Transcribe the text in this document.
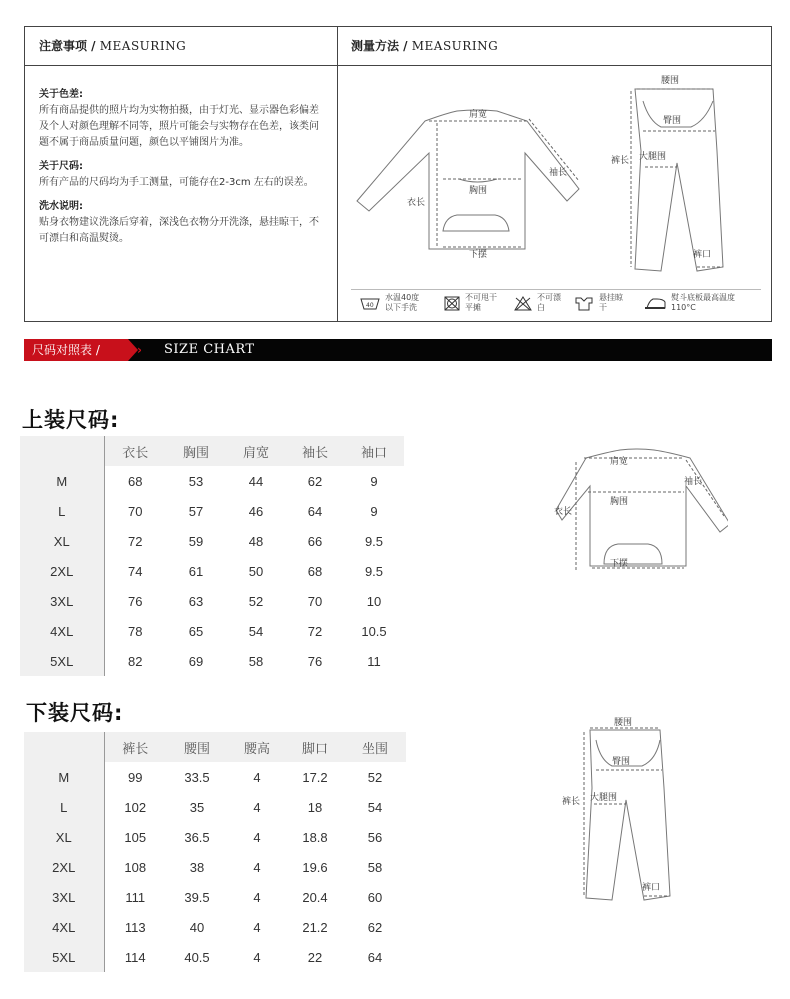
注意事项 / MEASURING	测量方法 / MEASURING
关于色差:

所有商品提供的照片均为实物拍摄，由于灯光、显示器色彩偏差及个人对颜色理解不同等，照片可能会与实物存在色差，该类问题不属于商品质量问题，颜色以平铺图片为准。

关于尺码:

所有产品的尺码均为手工测量，可能存在2-3cm 左右的误差。

洗水说明:

贴身衣物建议洗涤后穿着，深浅色衣物分开洗涤，悬挂晾干，不可漂白和高温熨烫。

肩宽
袖长
衣长
胸围
下摆
腰围
臀围
裤长 大腿围
裤口
40
水温40度以下手洗
不可甩干平摊
不可漂白
悬挂晾干
熨斗底板最高温度110°C
尺码对照表 /	› SIZE CHART
上装尺码:
	衣长	胸围	肩宽	袖长	袖口
M	68	53	44	62	9
L	70	57	46	64	9
XL	72	59	48	66	9.5
2XL	74	61	50	68	9.5
3XL	76	63	52	70	10
4XL	78	65	54	72	10.5
5XL	82	69	58	76	11
肩宽
袖长
衣长
胸围
下摆
下装尺码:
	裤长	腰围	腰高	脚口	坐围
M	99	33.5	4	17.2	52
L	102	35	4	18	54
XL	105	36.5	4	18.8	56
2XL	108	38	4	19.6	58
3XL	111	39.5	4	20.4	60
4XL	113	40	4	21.2	62
5XL	114	40.5	4	22	64
腰围
臀围
裤长 大腿围
裤口
